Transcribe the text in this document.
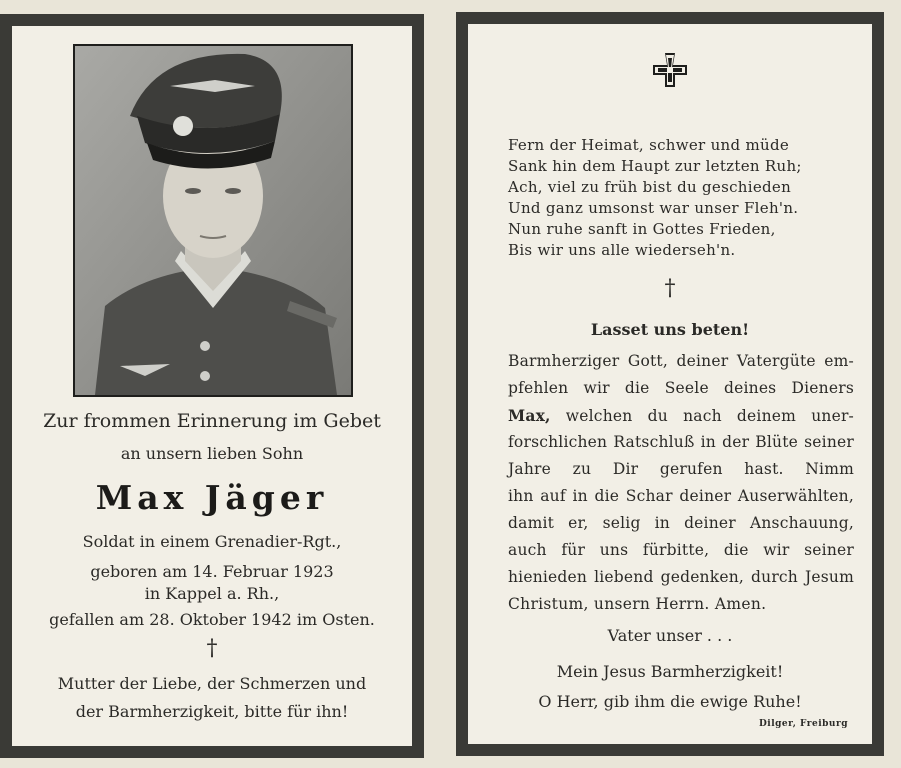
Zur frommen Erinnerung im Gebet
an unsern lieben Sohn
Max Jäger
Soldat in einem Grenadier-Rgt.,
geboren am 14. Februar 1923
in Kappel a. Rh.,
gefallen am 28. Oktober 1942 im Osten.
†
Mutter der Liebe, der Schmerzen und
der Barmherzigkeit, bitte für ihn!
Fern der Heimat, schwer und müde
Sank hin dem Haupt zur letzten Ruh;
Ach, viel zu früh bist du geschieden
Und ganz umsonst war unser Fleh'n.
Nun ruhe sanft in Gottes Frieden,
Bis wir uns alle wiederseh'n.
†
Lasset uns beten!
Barmherziger Gott, deiner Vatergüte em-
pfehlen wir die Seele deines Dieners
Max, welchen du nach deinem uner-
forschlichen Ratschluß in der Blüte seiner
Jahre zu Dir gerufen hast. Nimm
ihn auf in die Schar deiner Auserwählten,
damit er, selig in deiner Anschauung,
auch für uns fürbitte, die wir seiner
hienieden liebend gedenken, durch Jesum
Christum, unsern Herrn. Amen.
Vater unser . . .
Mein Jesus Barmherzigkeit!
O Herr, gib ihm die ewige Ruhe!
Dilger, Freiburg
